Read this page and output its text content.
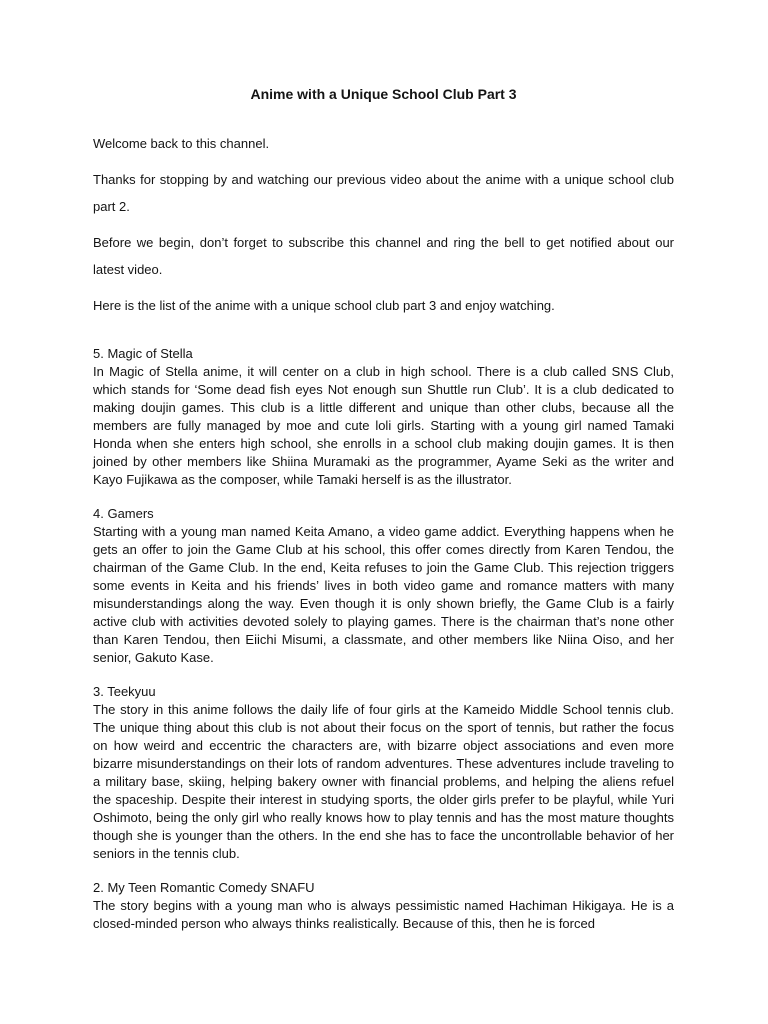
Anime with a Unique School Club Part 3

Welcome back to this channel.

Thanks for stopping by and watching our previous video about the anime with a unique school club part 2.

Before we begin, don’t forget to subscribe this channel and ring the bell to get notified about our latest video.

Here is the list of the anime with a unique school club part 3 and enjoy watching.

5. Magic of Stella

In Magic of Stella anime, it will center on a club in high school. There is a club called SNS Club, which stands for ‘Some dead fish eyes Not enough sun Shuttle run Club’. It is a club dedicated to making doujin games. This club is a little different and unique than other clubs, because all the members are fully managed by moe and cute loli girls. Starting with a young girl named Tamaki Honda when she enters high school, she enrolls in a school club making doujin games. It is then joined by other members like Shiina Muramaki as the programmer, Ayame Seki as the writer and Kayo Fujikawa as the composer, while Tamaki herself is as the illustrator.

4. Gamers

Starting with a young man named Keita Amano, a video game addict. Everything happens when he gets an offer to join the Game Club at his school, this offer comes directly from Karen Tendou, the chairman of the Game Club. In the end, Keita refuses to join the Game Club. This rejection triggers some events in Keita and his friends’ lives in both video game and romance matters with many misunderstandings along the way. Even though it is only shown briefly, the Game Club is a fairly active club with activities devoted solely to playing games. There is the chairman that’s none other than Karen Tendou, then Eiichi Misumi, a classmate, and other members like Niina Oiso, and her senior, Gakuto Kase.

3. Teekyuu

The story in this anime follows the daily life of four girls at the Kameido Middle School tennis club. The unique thing about this club is not about their focus on the sport of tennis, but rather the focus on how weird and eccentric the characters are, with bizarre object associations and even more bizarre misunderstandings on their lots of random adventures. These adventures include traveling to a military base, skiing, helping bakery owner with financial problems, and helping the aliens refuel the spaceship. Despite their interest in studying sports, the older girls prefer to be playful, while Yuri Oshimoto, being the only girl who really knows how to play tennis and has the most mature thoughts though she is younger than the others. In the end she has to face the uncontrollable behavior of her seniors in the tennis club.

2. My Teen Romantic Comedy SNAFU

The story begins with a young man who is always pessimistic named Hachiman Hikigaya. He is a closed-minded person who always thinks realistically. Because of this, then he is forced
